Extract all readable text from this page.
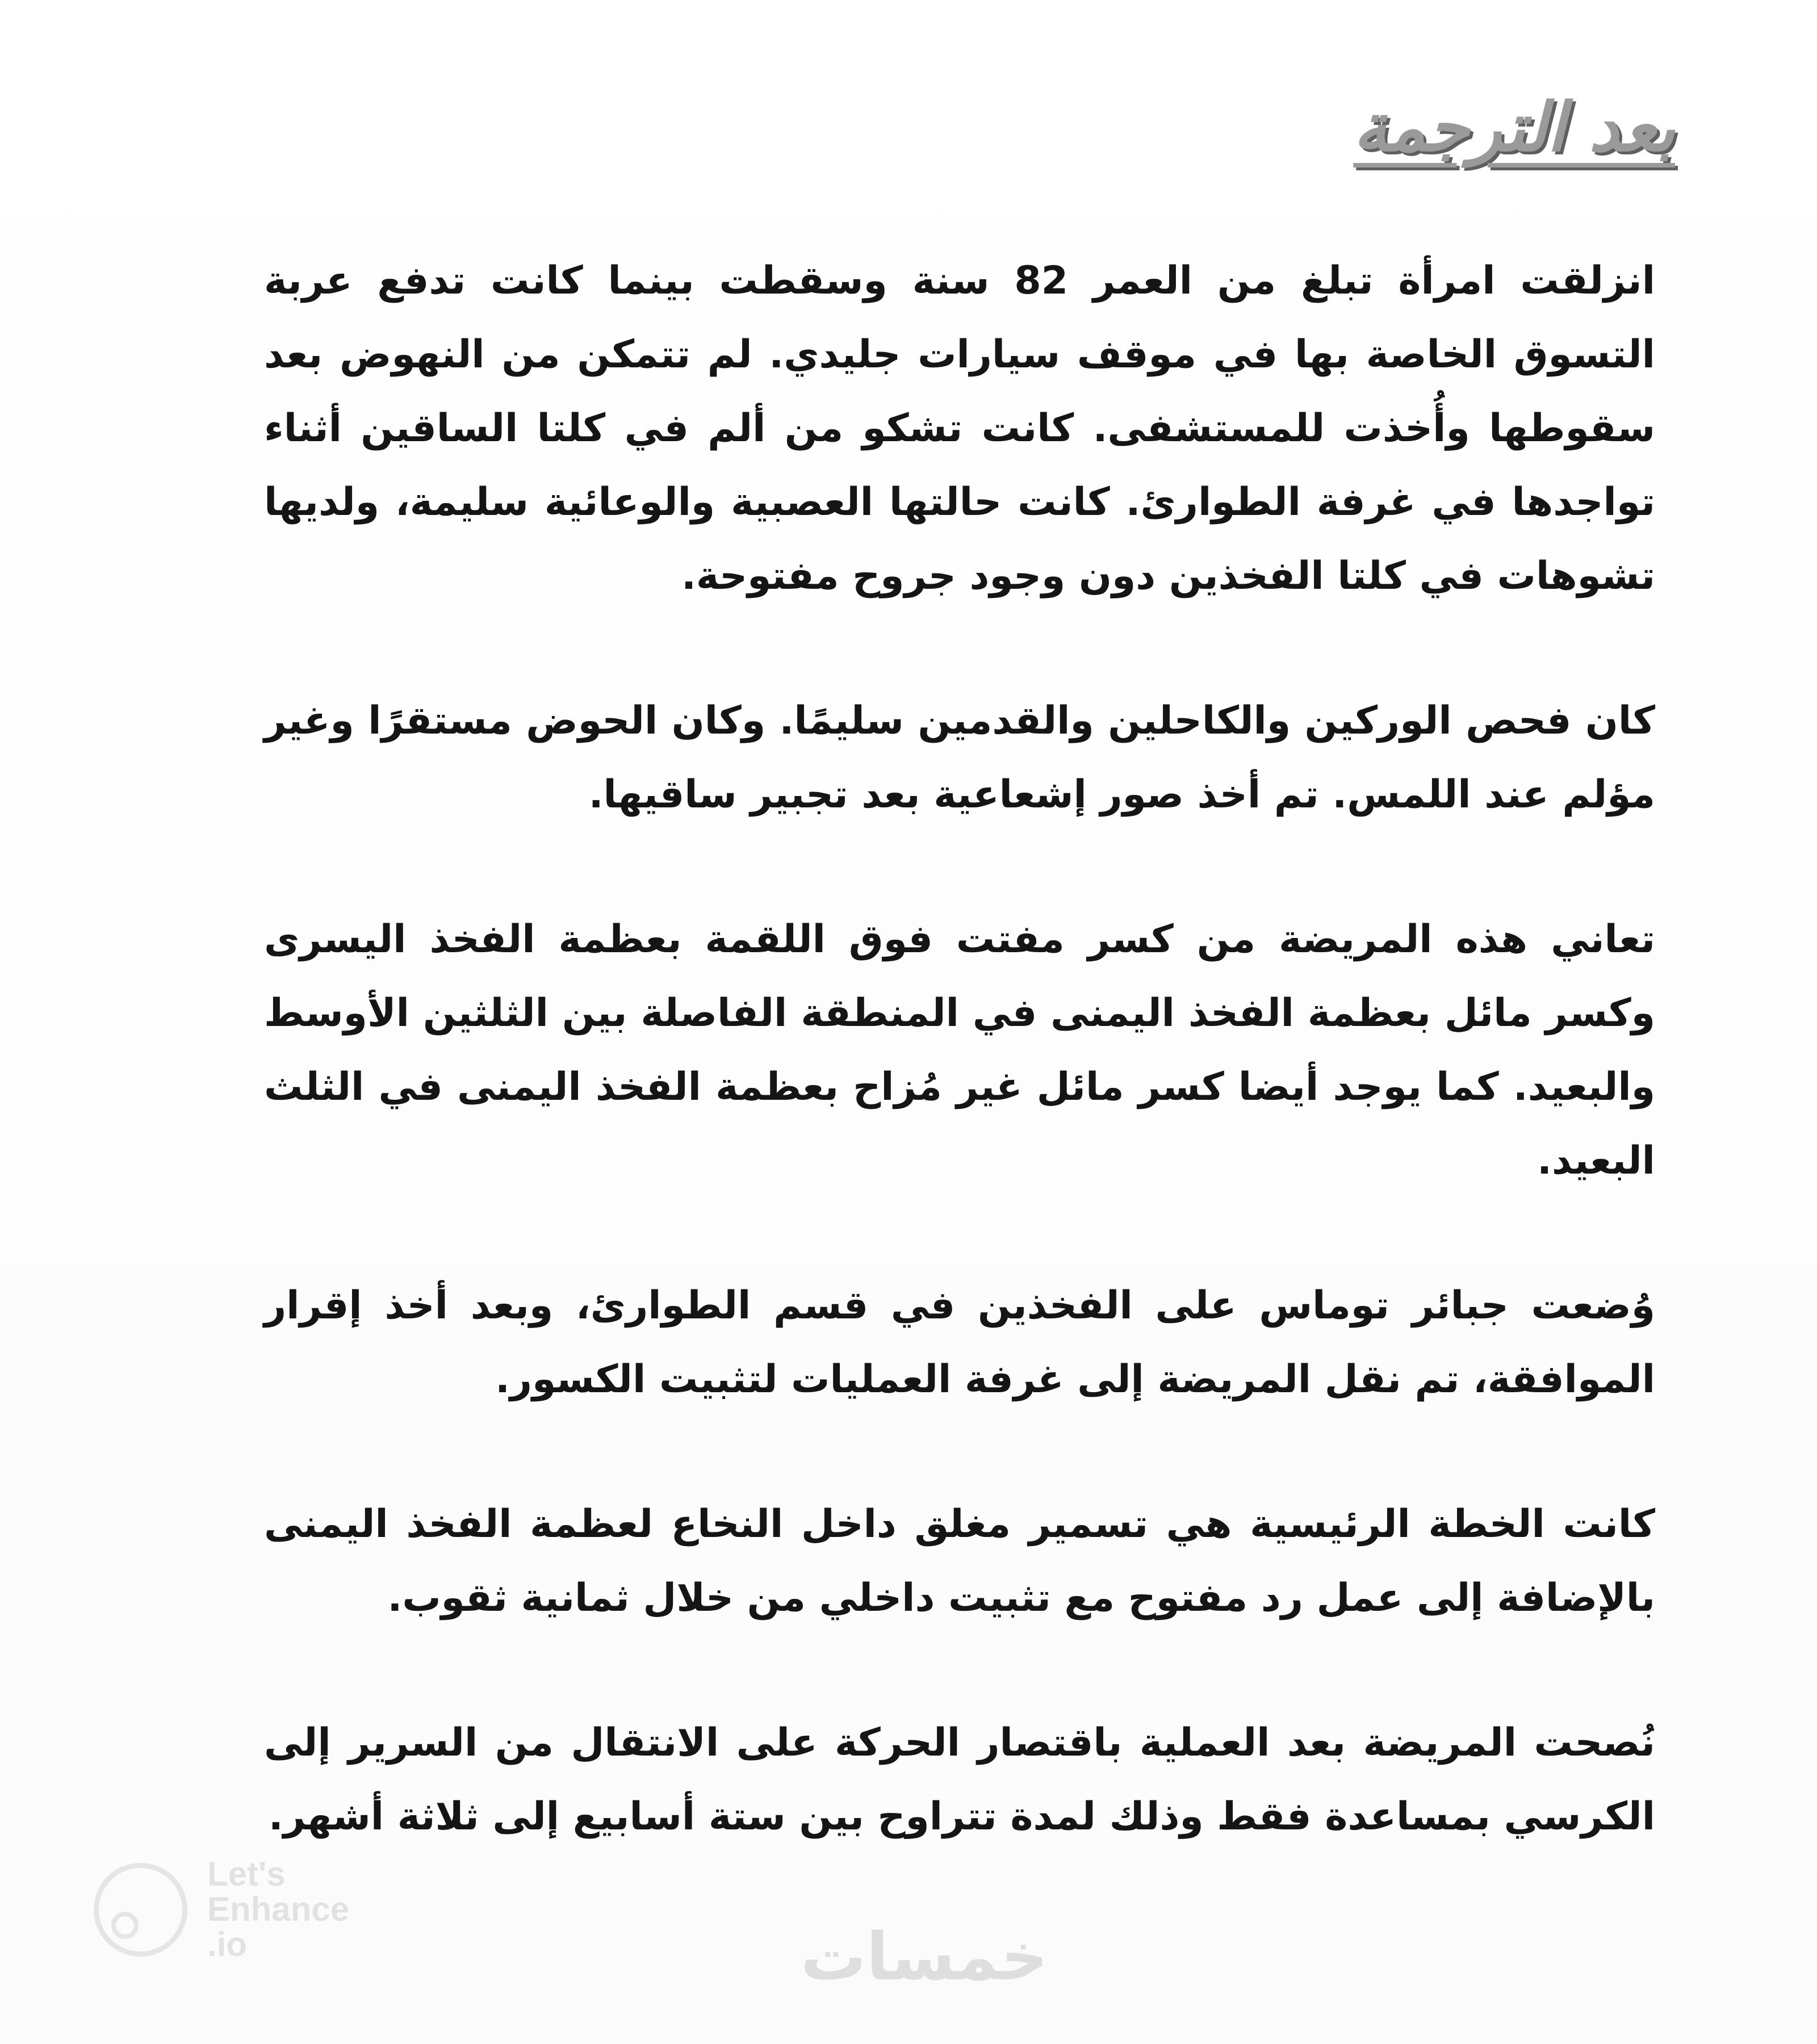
بعد الترجمة

انزلقت امرأة تبلغ من العمر 82 سنة وسقطت بينما كانت تدفع عربة التسوق الخاصة بها في موقف سيارات جليدي. لم تتمكن من النهوض بعد سقوطها وأُخذت للمستشفى. كانت تشكو من ألم في كلتا الساقين أثناء تواجدها في غرفة الطوارئ. كانت حالتها العصبية والوعائية سليمة، ولديها تشوهات في كلتا الفخذين دون وجود جروح مفتوحة.

كان فحص الوركين والكاحلين والقدمين سليمًا. وكان الحوض مستقرًا وغير مؤلم عند اللمس. تم أخذ صور إشعاعية بعد تجبير ساقيها.

تعاني هذه المريضة من كسر مفتت فوق اللقمة بعظمة الفخذ اليسرى وكسر مائل بعظمة الفخذ اليمنى في المنطقة الفاصلة بين الثلثين الأوسط والبعيد. كما يوجد أيضا كسر مائل غير مُزاح بعظمة الفخذ اليمنى في الثلث البعيد.

وُضعت جبائر توماس على الفخذين في قسم الطوارئ، وبعد أخذ إقرار الموافقة، تم نقل المريضة إلى غرفة العمليات لتثبيت الكسور.

كانت الخطة الرئيسية هي تسمير مغلق داخل النخاع لعظمة الفخذ اليمنى بالإضافة إلى عمل رد مفتوح مع تثبيت داخلي من خلال ثمانية ثقوب.

نُصحت المريضة بعد العملية باقتصار الحركة على الانتقال من السرير إلى الكرسي بمساعدة فقط وذلك لمدة تتراوح بين ستة أسابيع إلى ثلاثة أشهر.

Let's
Enhance
.io	خمسات
